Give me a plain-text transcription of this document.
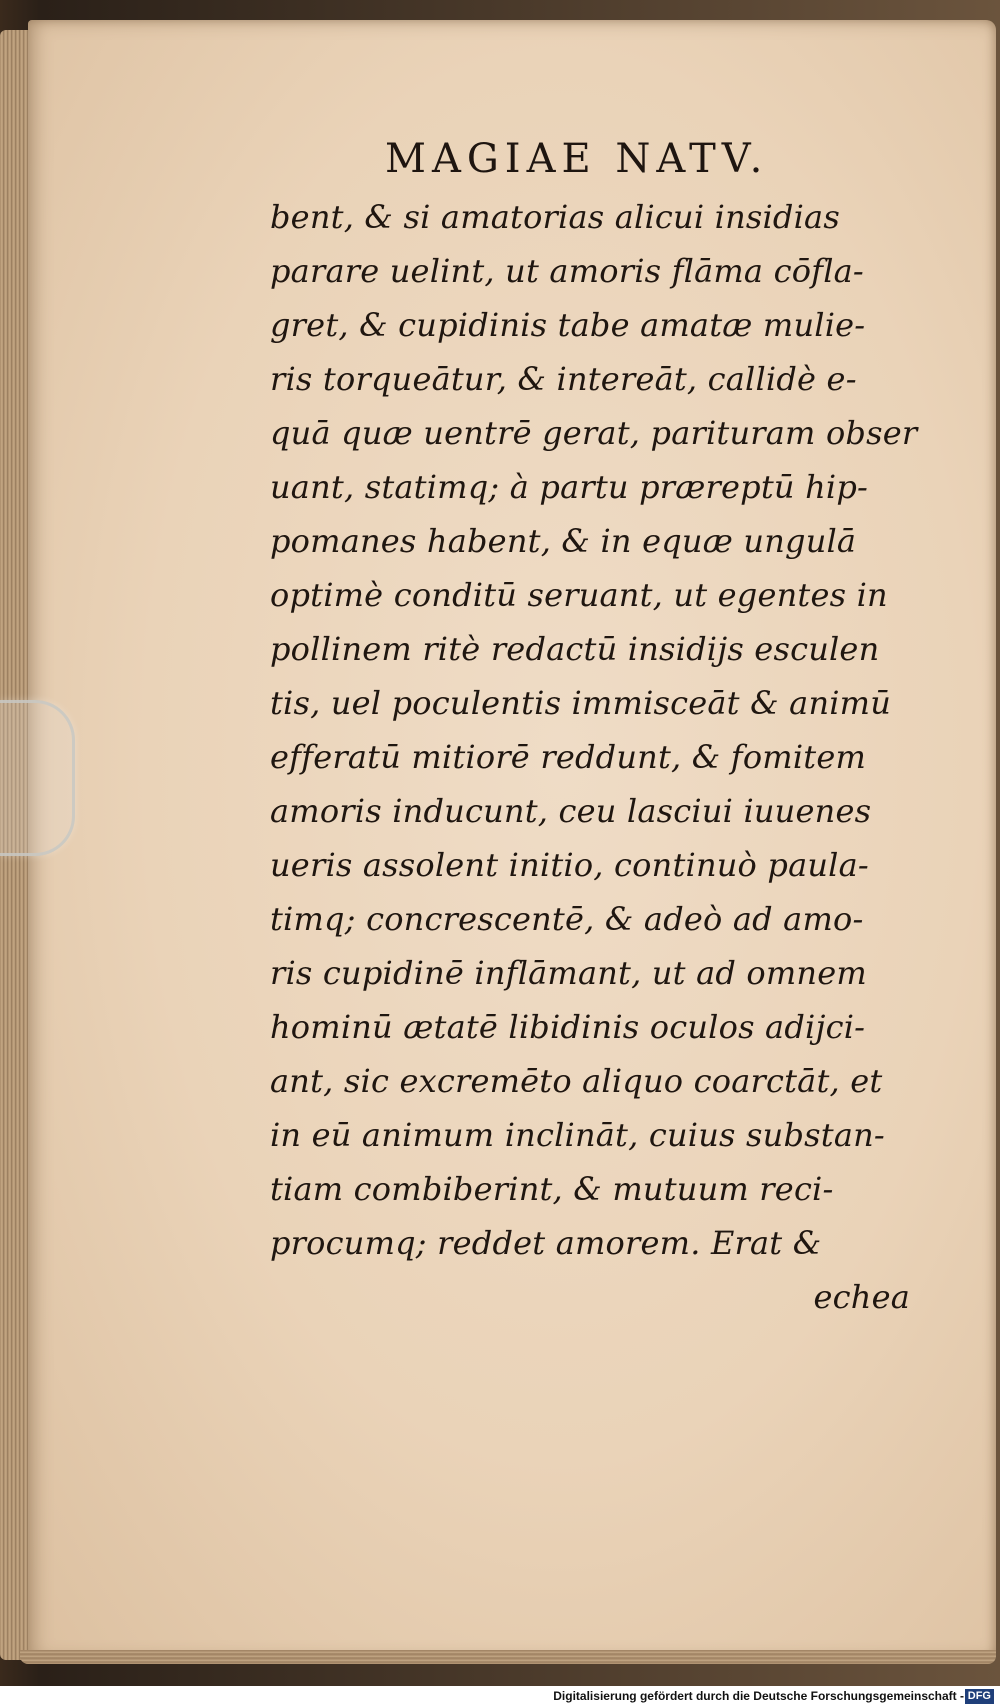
MAGIAE NATV.
bent, & si amatorias alicui insidias
parare uelint, ut amoris flāma cōfla-
gret, & cupidinis tabe amatæ mulie-
ris torqueātur, & intereāt, callidè e-
quā quæ uentrē gerat, parituram obser
uant, statimq; à partu præreptū hip-
pomanes habent, & in equæ ungulā
optimè conditū seruant, ut egentes in
pollinem ritè redactū insidijs esculen
tis, uel poculentis immisceāt & animū
efferatū mitiorē reddunt, & fomitem
amoris inducunt, ceu lasciui iuuenes
ueris assolent initio, continuò paula-
timq; concrescentē, & adeò ad amo-
ris cupidinē inflāmant, ut ad omnem
hominū ætatē libidinis oculos adijci-
ant, sic excremēto aliquo coarctāt, et
in eū animum inclināt, cuius substan-
tiam combiberint, & mutuum reci-
procumq; reddet amorem. Erat &
echea
Digitalisierung gefördert durch die Deutsche Forschungsgemeinschaft - DFG
